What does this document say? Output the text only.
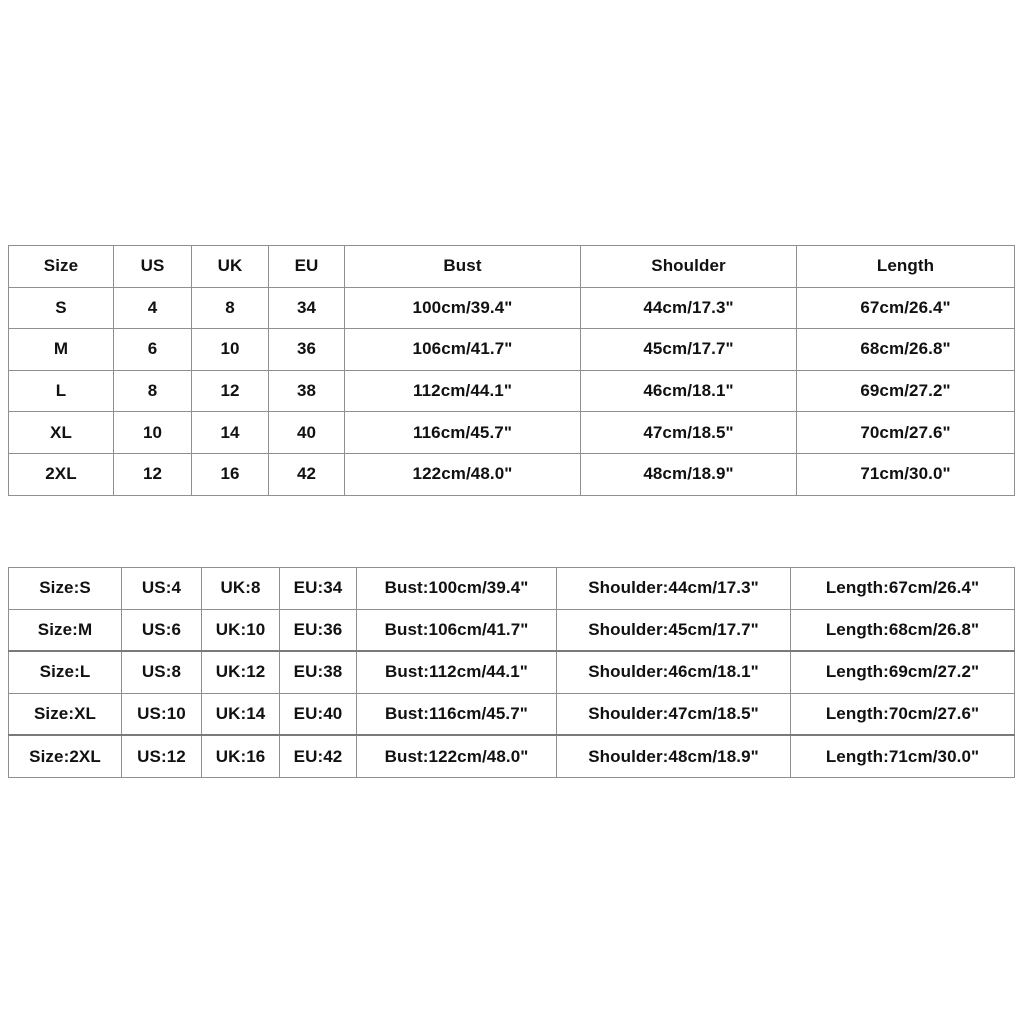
Size	US	UK	EU	Bust	Shoulder	Length
S	4	8	34	100cm/39.4"	44cm/17.3"	67cm/26.4"
M	6	10	36	106cm/41.7"	45cm/17.7"	68cm/26.8"
L	8	12	38	112cm/44.1"	46cm/18.1"	69cm/27.2"
XL	10	14	40	116cm/45.7"	47cm/18.5"	70cm/27.6"
2XL	12	16	42	122cm/48.0"	48cm/18.9"	71cm/30.0"
Size:S	US:4	UK:8	EU:34	Bust:100cm/39.4"	Shoulder:44cm/17.3"	Length:67cm/26.4"
Size:M	US:6	UK:10	EU:36	Bust:106cm/41.7"	Shoulder:45cm/17.7"	Length:68cm/26.8"
Size:L	US:8	UK:12	EU:38	Bust:112cm/44.1"	Shoulder:46cm/18.1"	Length:69cm/27.2"
Size:XL	US:10	UK:14	EU:40	Bust:116cm/45.7"	Shoulder:47cm/18.5"	Length:70cm/27.6"
Size:2XL	US:12	UK:16	EU:42	Bust:122cm/48.0"	Shoulder:48cm/18.9"	Length:71cm/30.0"
